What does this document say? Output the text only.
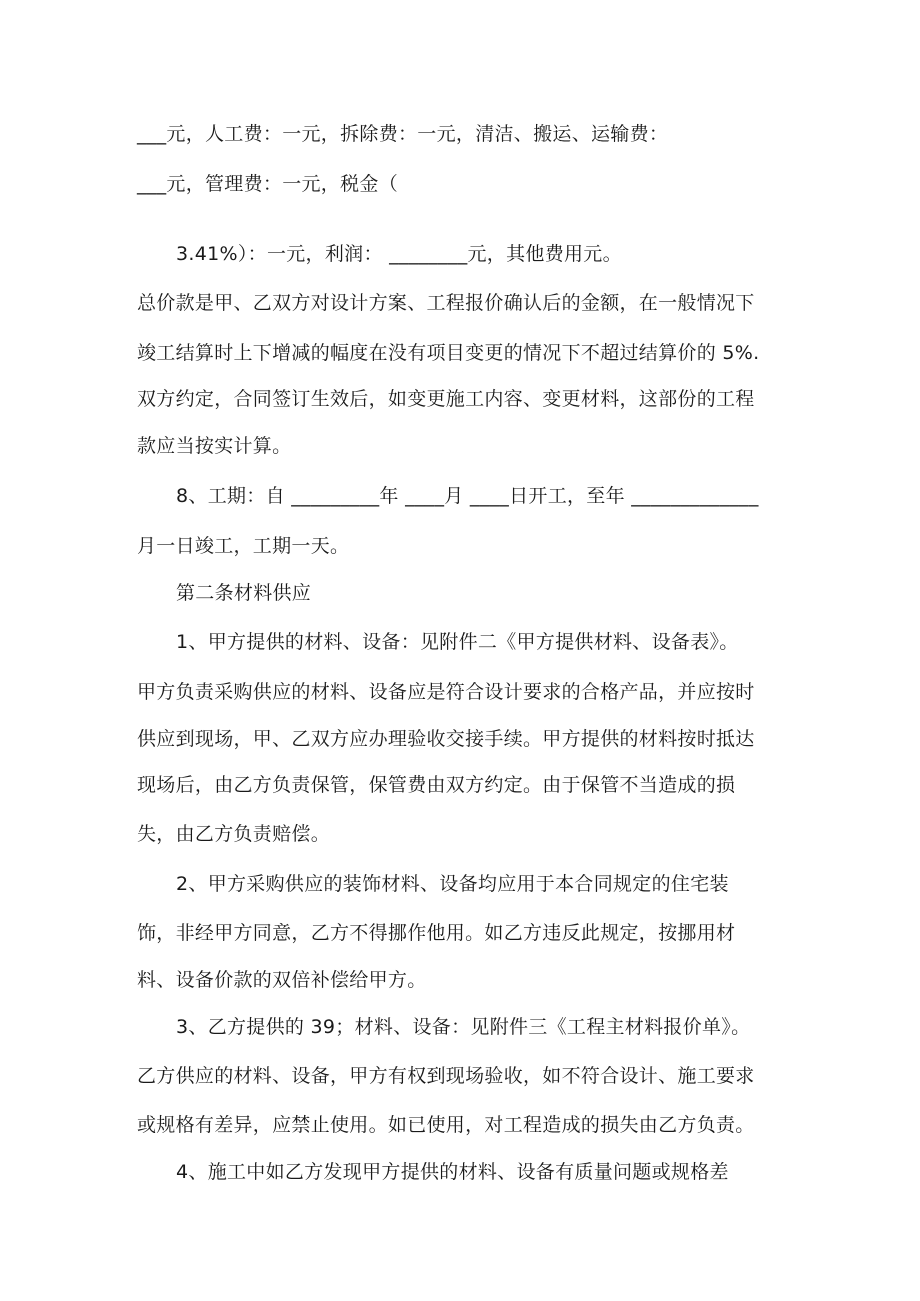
___元，人工费：一元，拆除费：一元，清洁、搬运、运输费：
___元，管理费：一元，税金（
3.41%）：一元，利润： ________元，其他费用元。
总价款是甲、乙双方对设计方案、工程报价确认后的金额，在一般情况下
竣工结算时上下增减的幅度在没有项目变更的情况下不超过结算价的 5%.
双方约定，合同签订生效后，如变更施工内容、变更材料，这部份的工程
款应当按实计算。
8、工期：自 _________年 ____月 ____日开工，至年 _____________
月一日竣工，工期一天。
第二条材料供应
1、甲方提供的材料、设备：见附件二《甲方提供材料、设备表》。
甲方负责采购供应的材料、设备应是符合设计要求的合格产品，并应按时
供应到现场，甲、乙双方应办理验收交接手续。甲方提供的材料按时抵达
现场后，由乙方负责保管，保管费由双方约定。由于保管不当造成的损
失，由乙方负责赔偿。
2、甲方采购供应的装饰材料、设备均应用于本合同规定的住宅装
饰，非经甲方同意，乙方不得挪作他用。如乙方违反此规定，按挪用材
料、设备价款的双倍补偿给甲方。
3、乙方提供的 39；材料、设备：见附件三《工程主材料报价单》。
乙方供应的材料、设备，甲方有权到现场验收，如不符合设计、施工要求
或规格有差异，应禁止使用。如已使用，对工程造成的损失由乙方负责。
4、施工中如乙方发现甲方提供的材料、设备有质量问题或规格差
